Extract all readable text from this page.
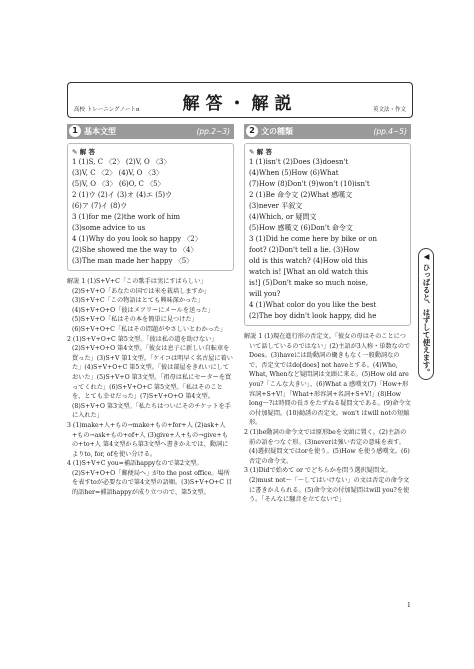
高校 トレーニングノートα	解答・解説	英文法・作文
1 基本文型	(pp.2~3)
✎ 解 答
1 (1)S, C 〈2〉 (2)V, O 〈3〉
(3)V, C 〈2〉 (4)V, O 〈3〉
(5)V, O 〈3〉 (6)O, C 〈5〉
2 (1)ウ (2)イ (3)オ (4)エ (5)ウ
(6)ア (7)イ (8)ウ
3 (1)for me (2)the work of him
(3)some advice to us
4 (1)Why do you look so happy 〈2〉
(2)She showed me the way to 〈4〉
(3)The man made her happy 〈5〉

解説 1 (1)S+V+C「この歌手は実にすばらしい」(2)S+V+O「あなたの国では米を栽培しますか」(3)S+V+C「この物語はとても興味深かった」(4)S+V+O+O「彼はメアリーにメールを送った」(5)S+V+O「私はその本を簡単に見つけた」(6)S+V+O+C「私はその問題がやさしいとわかった」

2 (1)S+V+O+C 第5文型。「彼は私の道を助けない」(2)S+V+O+O 第4文型。「彼女は息子に新しい自転車を買った」(3)S+V 第1文型。「ケイコは明早く名古屋に着いた」(4)S+V+O+C 第5文型。「彼は部屋をきれいにしておいた」(5)S+V+O 第3文型。「祖母は私にセーターを買ってくれた」(6)S+V+O+C 第5文型。「私はそのことを、とても幸せだった」(7)S+V+O+O 第4文型。(8)S+V+O 第3文型。「私たちはついにそのチケットを手に入れた」

3 (1)make+人+もの→make+もの+for+人 (2)ask+人+もの→ask+もの+of+人 (3)give+人+もの→give+もの+to+人 第4文型から第3文型へ書きかえでは、動詞によりto, for, ofを使い分ける。

4 (1)S+V+C you=補語happyなので第2文型。(2)S+V+O+O「郵便局へ」がto the post office。場所を表すtoが必要なので第4文型の語順。(3)S+V+O+C 目的語her=補語happyが成り立つので、第5文型。

2 文の種類	(pp.4~5)
✎ 解 答
1 (1)isn't (2)Does (3)doesn't
(4)When (5)How (6)What
(7)How (8)Don't (9)won't (10)isn't
2 (1)Be 命令文 (2)What 感嘆文
(3)never 平叙文
(4)Which, or 疑問文
(5)How 感嘆文 (6)Don't 命令文
3 (1)Did he come here by bike or on
foot? (2)Don't tell a lie. (3)How
old is this watch? (4)How old this
watch is! [What an old watch this
is!] (5)Don't make so much noise,
will you?
4 (1)What color do you like the best
(2)The boy didn't look happy, did he

解説 1 (1)現在進行形の否定文。「彼女の母はそのことについて話しているのではない」(2)主語が3人称・単数なのでDoes。(3)haveには助動詞の働きもなく一般動詞なので、否定文ではdo[does] not haveとする。(4)Who, What, Whenなど疑問詞は文頭に来る。(5)How old are you?「こんな大きい」、(6)What a 感嘆文(7)「How+形容詞+S+V!」「What+形容詞+名詞+S+V!」(8)How long〜?は時間の長さをたずねる疑問文である。(9)命令文の付加疑問。(10)勧誘の否定文。won't はwill notの短縮形。

2 (1)be動詞の命令文では原形beを文頭に置く。(2)主語の前の語をつなぐ形。(3)neverは強い否定の意味を表す。(4)選択疑問文ではorを使う。(5)How を使う感嘆文。(6)否定の命令文。

3 (1)Didで始めて or でどちらかを問う選択疑問文。(2)must not〜「〜してはいけない」の文は否定の命令文に書きかえられる。(5)命令文の付加疑問はwill you?を使う。「そんなに騒音を立てないで」

◀ ひっぱると、はずして使えます。
1
